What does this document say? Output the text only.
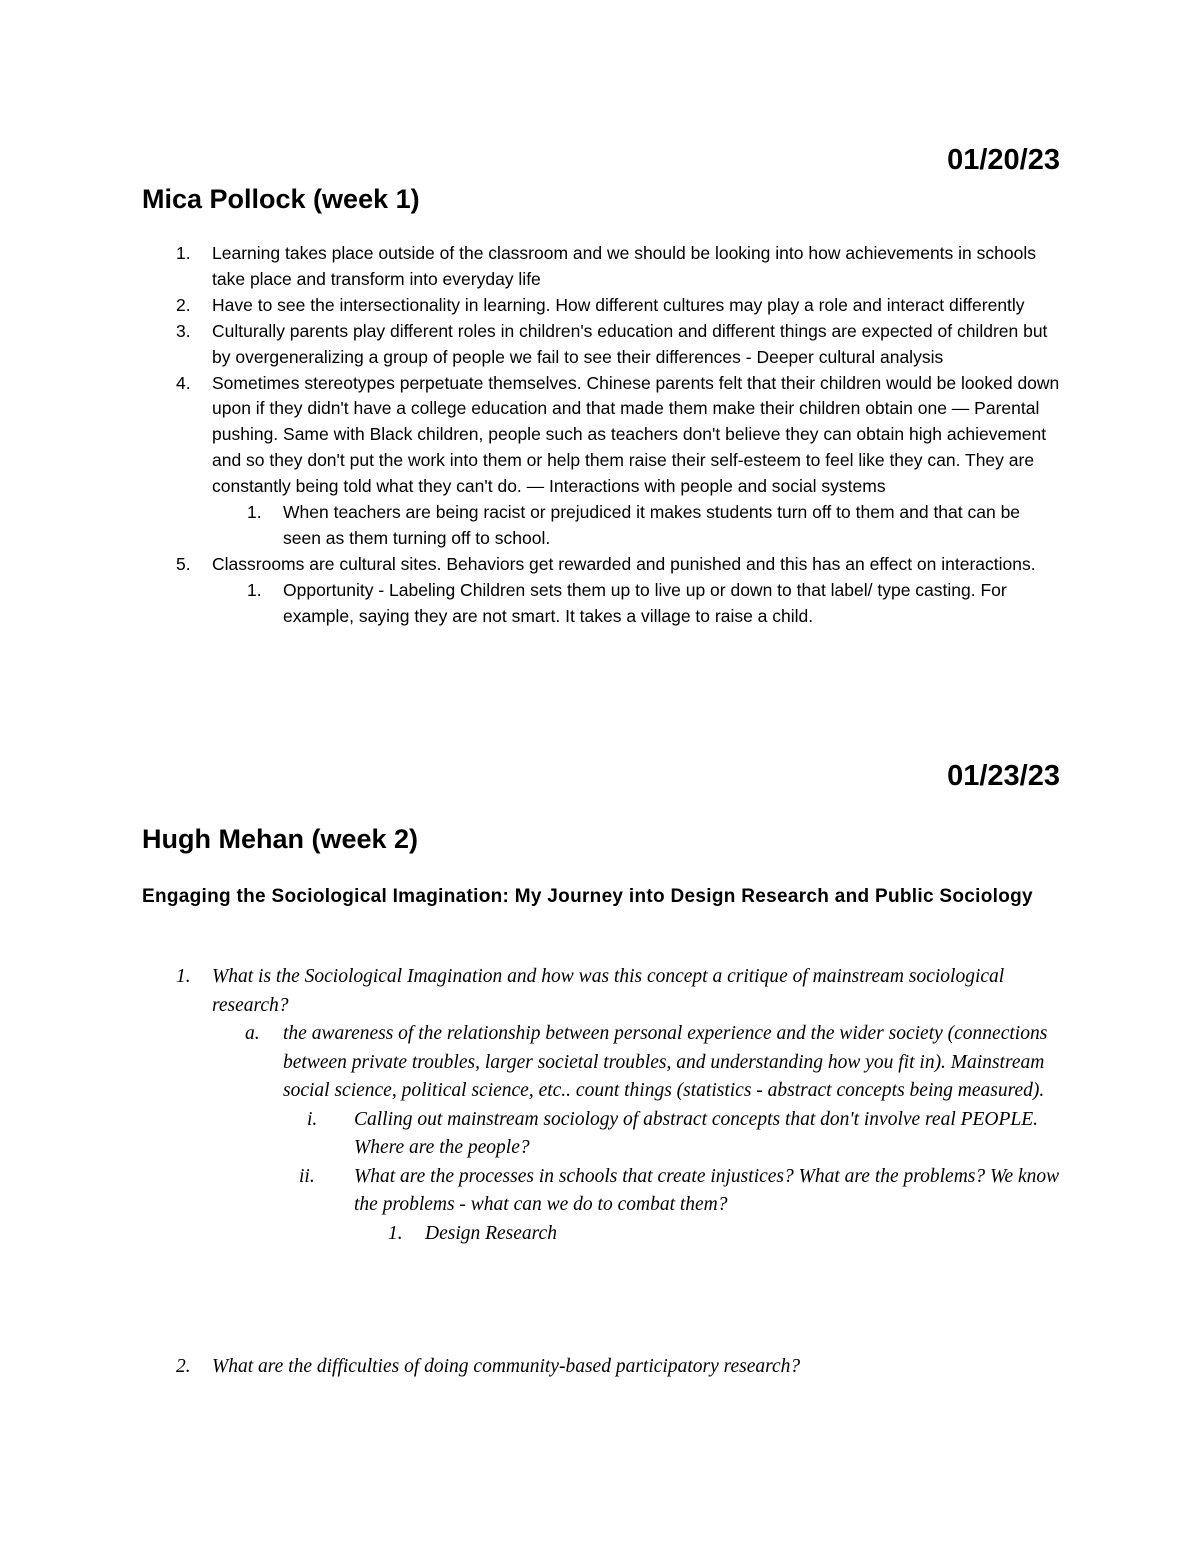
01/20/23
Mica Pollock (week 1)
1. Learning takes place outside of the classroom and we should be looking into how achievements in schools take place and transform into everyday life
2. Have to see the intersectionality in learning. How different cultures may play a role and interact differently
3. Culturally parents play different roles in children's education and different things are expected of children but by overgeneralizing a group of people we fail to see their differences - Deeper cultural analysis
4. Sometimes stereotypes perpetuate themselves. Chinese parents felt that their children would be looked down upon if they didn't have a college education and that made them make their children obtain one — Parental pushing. Same with Black children, people such as teachers don't believe they can obtain high achievement and so they don't put the work into them or help them raise their self-esteem to feel like they can. They are constantly being told what they can't do. — Interactions with people and social systems
1. When teachers are being racist or prejudiced it makes students turn off to them and that can be seen as them turning off to school.
5. Classrooms are cultural sites. Behaviors get rewarded and punished and this has an effect on interactions.
1. Opportunity - Labeling Children sets them up to live up or down to that label/ type casting. For example, saying they are not smart. It takes a village to raise a child.
01/23/23
Hugh Mehan (week 2)
Engaging the Sociological Imagination: My Journey into Design Research and Public Sociology
1. What is the Sociological Imagination and how was this concept a critique of mainstream sociological research?
a. the awareness of the relationship between personal experience and the wider society (connections between private troubles, larger societal troubles, and understanding how you fit in). Mainstream social science, political science, etc.. count things (statistics - abstract concepts being measured).
i. Calling out mainstream sociology of abstract concepts that don't involve real PEOPLE. Where are the people?
ii. What are the processes in schools that create injustices? What are the problems? We know the problems - what can we do to combat them?
1. Design Research
2. What are the difficulties of doing community-based participatory research?
